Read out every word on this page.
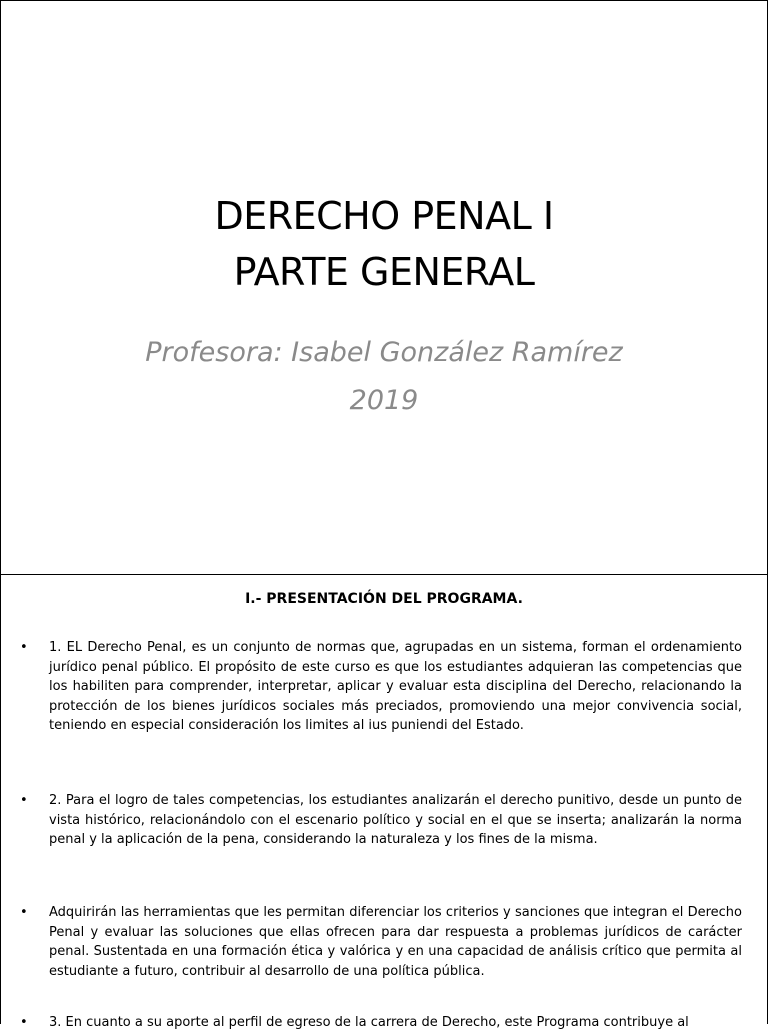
DERECHO PENAL I
PARTE GENERAL
Profesora: Isabel González Ramírez
2019
I.- PRESENTACIÓN DEL PROGRAMA.
• 1. EL Derecho Penal, es un conjunto de normas que, agrupadas en un sistema, forman el ordenamiento jurídico penal público. El propósito de este curso es que los estudiantes adquieran las competencias que los habiliten para comprender, interpretar, aplicar y evaluar esta disciplina del Derecho, relacionando la protección de los bienes jurídicos sociales más preciados, promoviendo una mejor convivencia social, teniendo en especial consideración los limites al ius puniendi del Estado.
• 2. Para el logro de tales competencias, los estudiantes analizarán el derecho punitivo, desde un punto de vista histórico, relacionándolo con el escenario político y social en el que se inserta; analizarán la norma penal y la aplicación de la pena, considerando la naturaleza y los fines de la misma.
• Adquirirán las herramientas que les permitan diferenciar los criterios y sanciones que integran el Derecho Penal y evaluar las soluciones que ellas ofrecen para dar respuesta a problemas jurídicos de carácter penal. Sustentada en una formación ética y valórica y en una capacidad de análisis crítico que permita al estudiante a futuro, contribuir al desarrollo de una política pública.
• 3. En cuanto a su aporte al perfil de egreso de la carrera de Derecho, este Programa contribuye al
